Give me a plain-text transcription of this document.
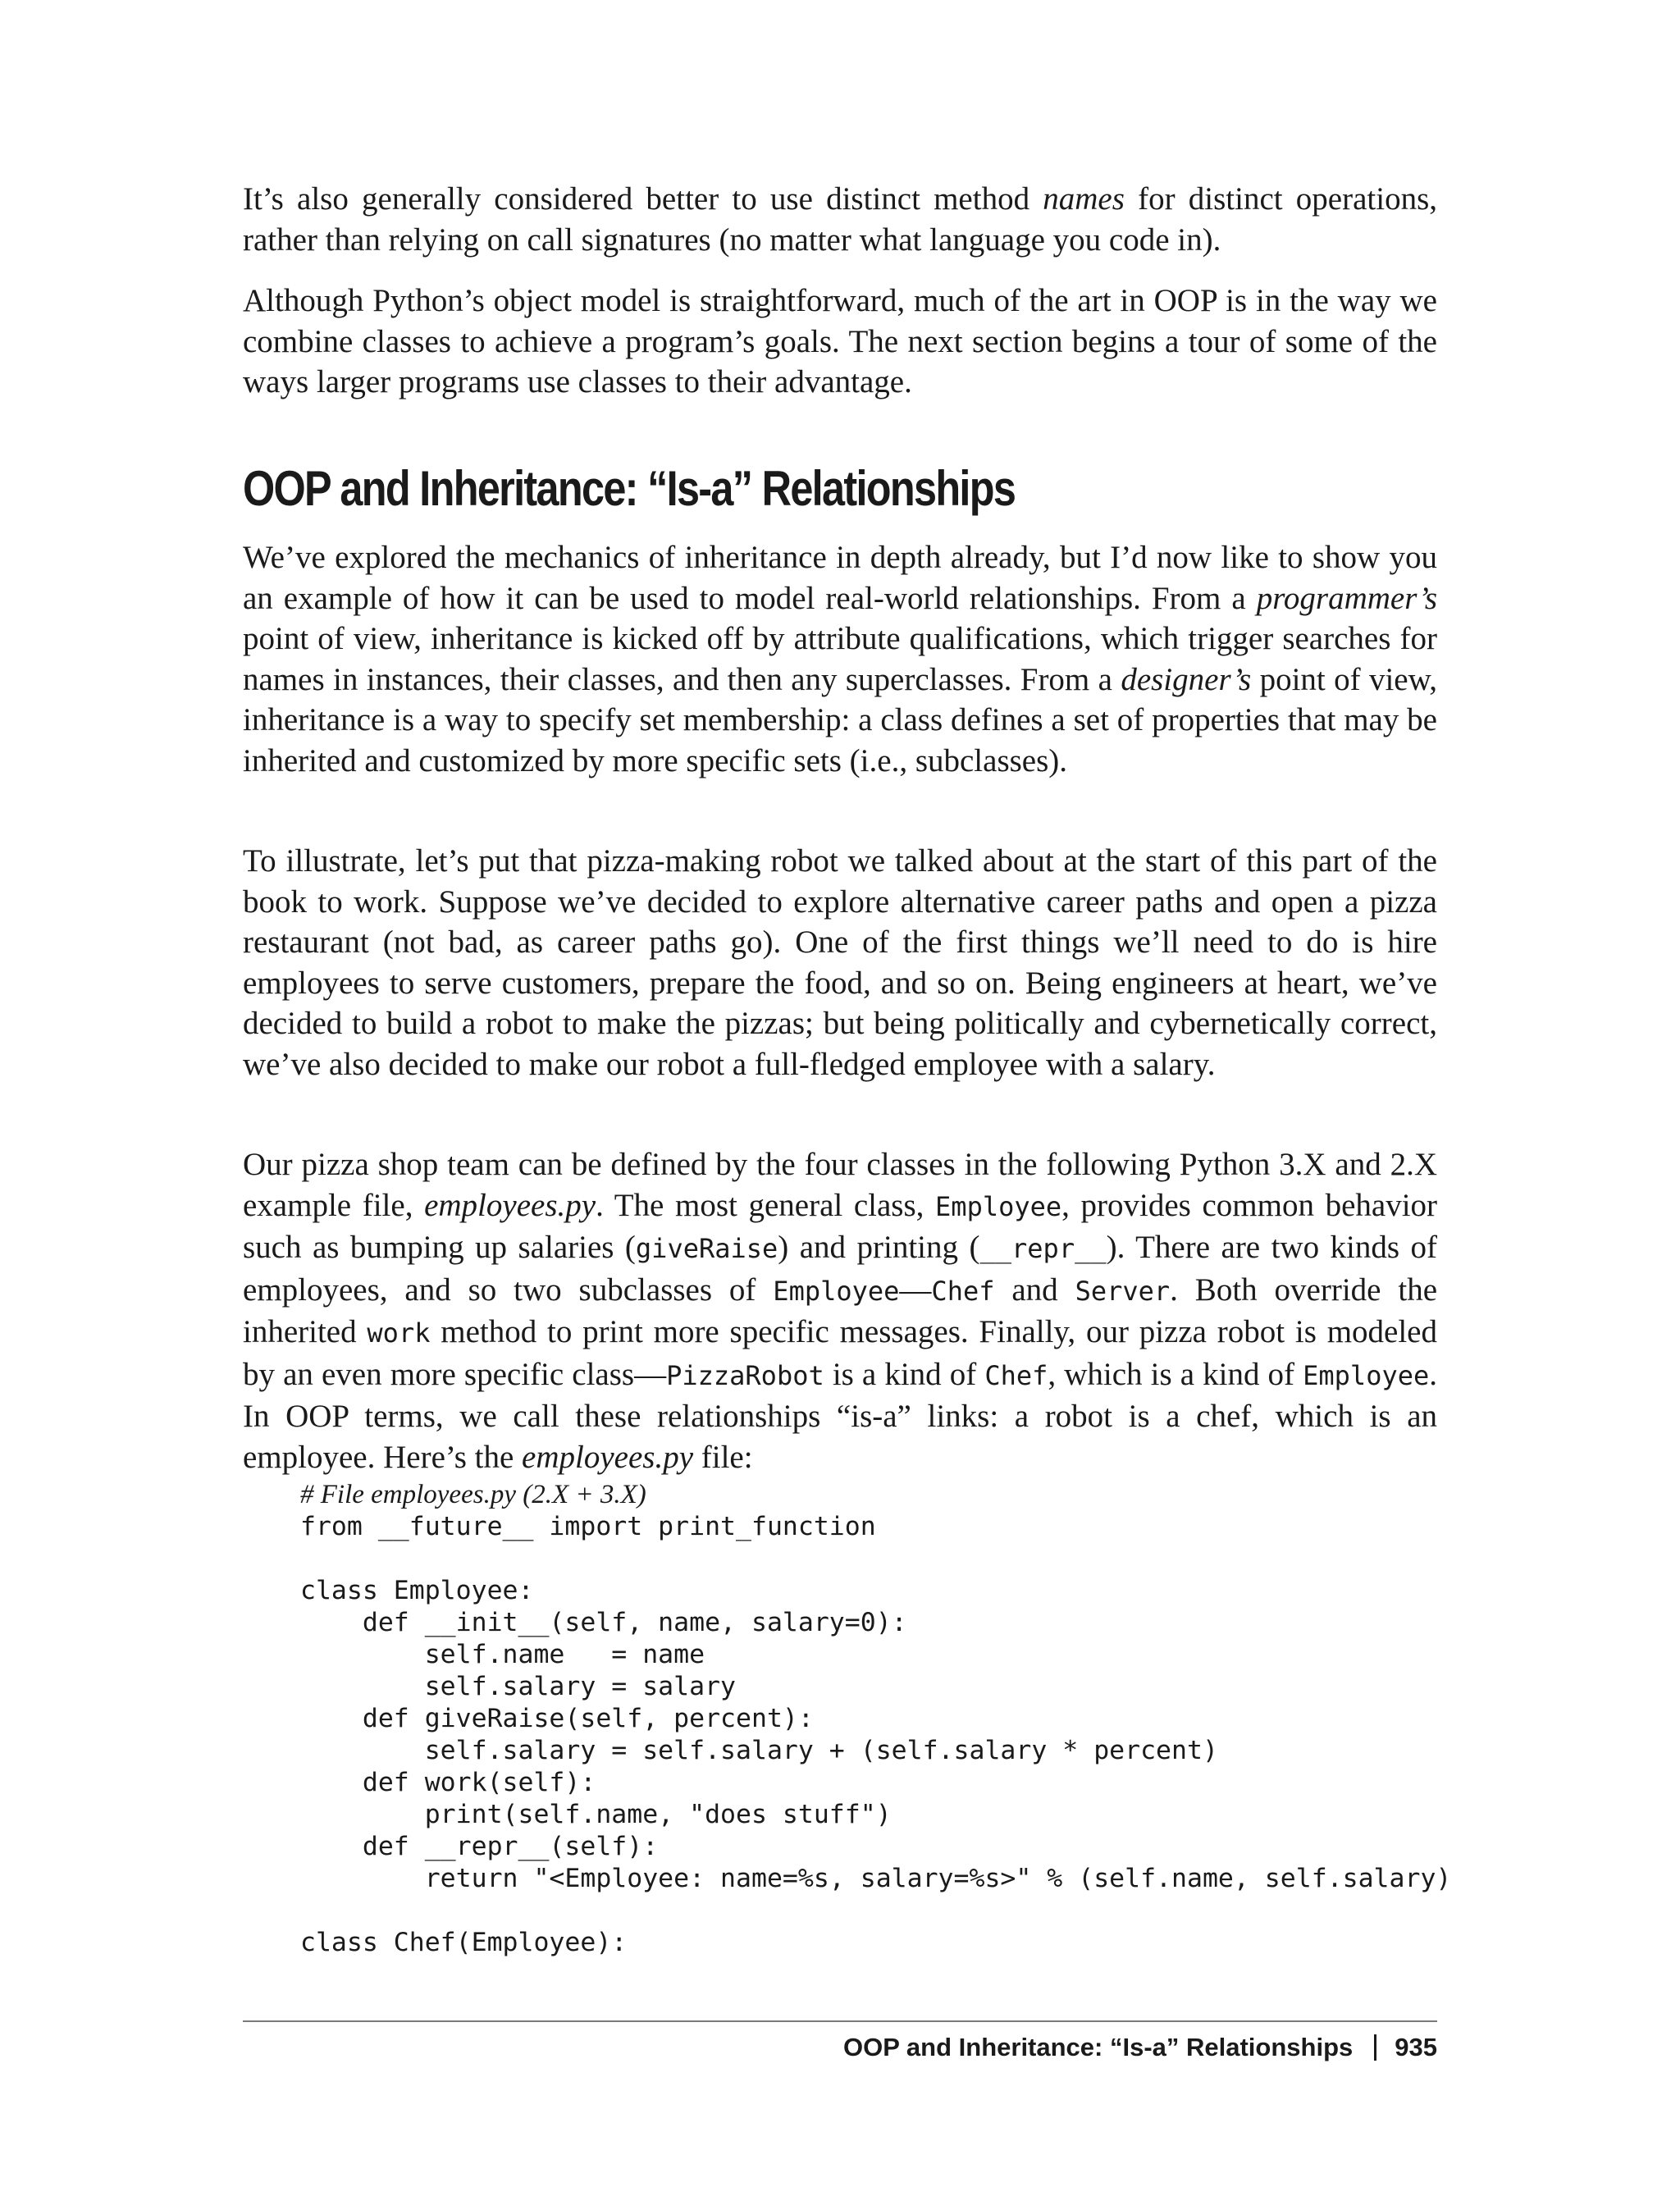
It’s also generally considered better to use distinct method names for distinct operations, rather than relying on call signatures (no matter what language you code in).

Although Python’s object model is straightforward, much of the art in OOP is in the way we combine classes to achieve a program’s goals. The next section begins a tour of some of the ways larger programs use classes to their advantage.

OOP and Inheritance: “Is-a” Relationships

We’ve explored the mechanics of inheritance in depth already, but I’d now like to show you an example of how it can be used to model real-world relationships. From a programmer’s point of view, inheritance is kicked off by attribute qualifications, which trigger searches for names in instances, their classes, and then any superclasses. From a designer’s point of view, inheritance is a way to specify set membership: a class defines a set of properties that may be inherited and customized by more specific sets (i.e., subclasses).

To illustrate, let’s put that pizza-making robot we talked about at the start of this part of the book to work. Suppose we’ve decided to explore alternative career paths and open a pizza restaurant (not bad, as career paths go). One of the first things we’ll need to do is hire employees to serve customers, prepare the food, and so on. Being engineers at heart, we’ve decided to build a robot to make the pizzas; but being politically and cybernetically correct, we’ve also decided to make our robot a full-fledged employee with a salary.

Our pizza shop team can be defined by the four classes in the following Python 3.X and 2.X example file, employees.py. The most general class, Employee, provides common behavior such as bumping up salaries (giveRaise) and printing (__repr__). There are two kinds of employees, and so two subclasses of Employee—Chef and Server. Both override the inherited work method to print more specific messages. Finally, our pizza robot is modeled by an even more specific class—PizzaRobot is a kind of Chef, which is a kind of Employee. In OOP terms, we call these relationships “is-a” links: a robot is a chef, which is an employee. Here’s the employees.py file:

# File employees.py (2.X + 3.X)
from __future__ import print_function

class Employee:
def __init__(self, name, salary=0):
self.name   = name
self.salary = salary
def giveRaise(self, percent):
self.salary = self.salary + (self.salary * percent)
def work(self):
print(self.name, "does stuff")
def __repr__(self):
return "<Employee: name=%s, salary=%s>" % (self.name, self.salary)

class Chef(Employee):
OOP and Inheritance: “Is-a” Relationships 935
